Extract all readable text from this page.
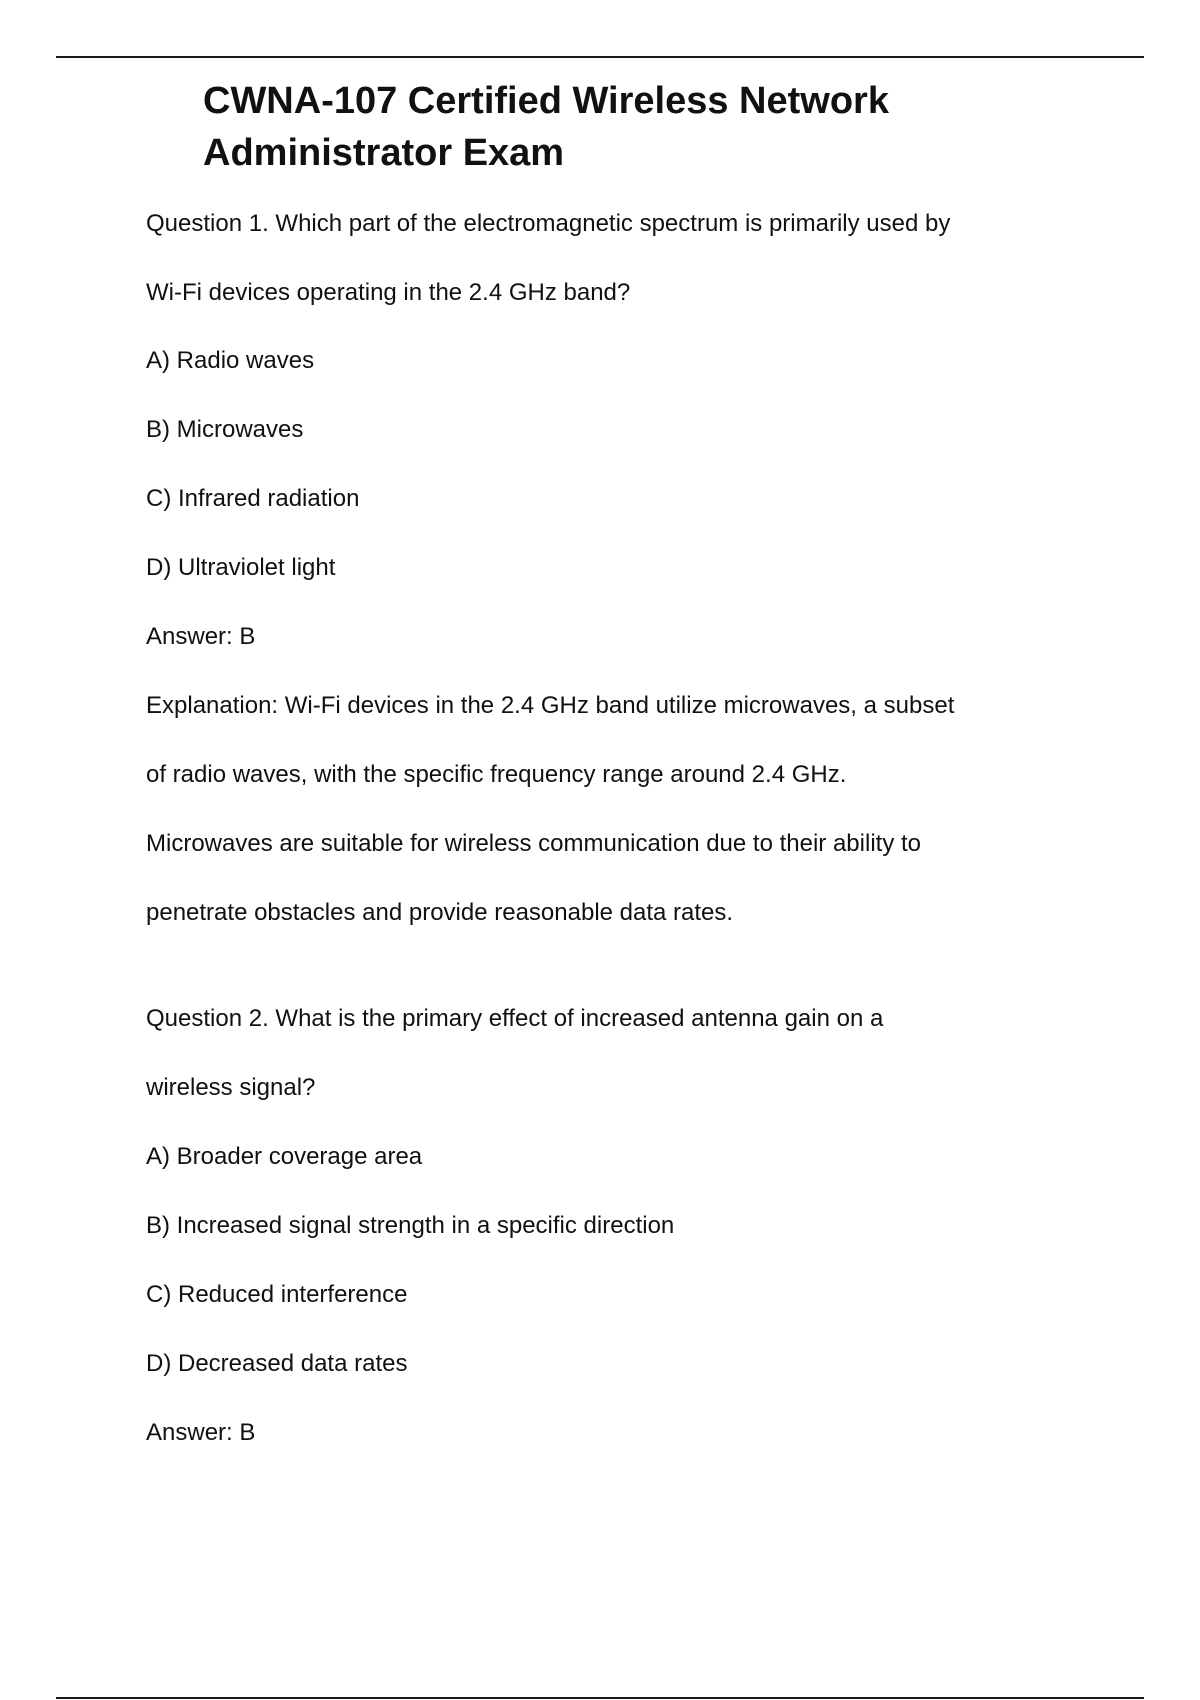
CWNA-107 Certified Wireless Network
Administrator Exam

Question 1. Which part of the electromagnetic spectrum is primarily used by

Wi-Fi devices operating in the 2.4 GHz band?

A) Radio waves

B) Microwaves

C) Infrared radiation

D) Ultraviolet light

Answer: B

Explanation: Wi-Fi devices in the 2.4 GHz band utilize microwaves, a subset

of radio waves, with the specific frequency range around 2.4 GHz.

Microwaves are suitable for wireless communication due to their ability to

penetrate obstacles and provide reasonable data rates.

Question 2. What is the primary effect of increased antenna gain on a

wireless signal?

A) Broader coverage area

B) Increased signal strength in a specific direction

C) Reduced interference

D) Decreased data rates

Answer: B
